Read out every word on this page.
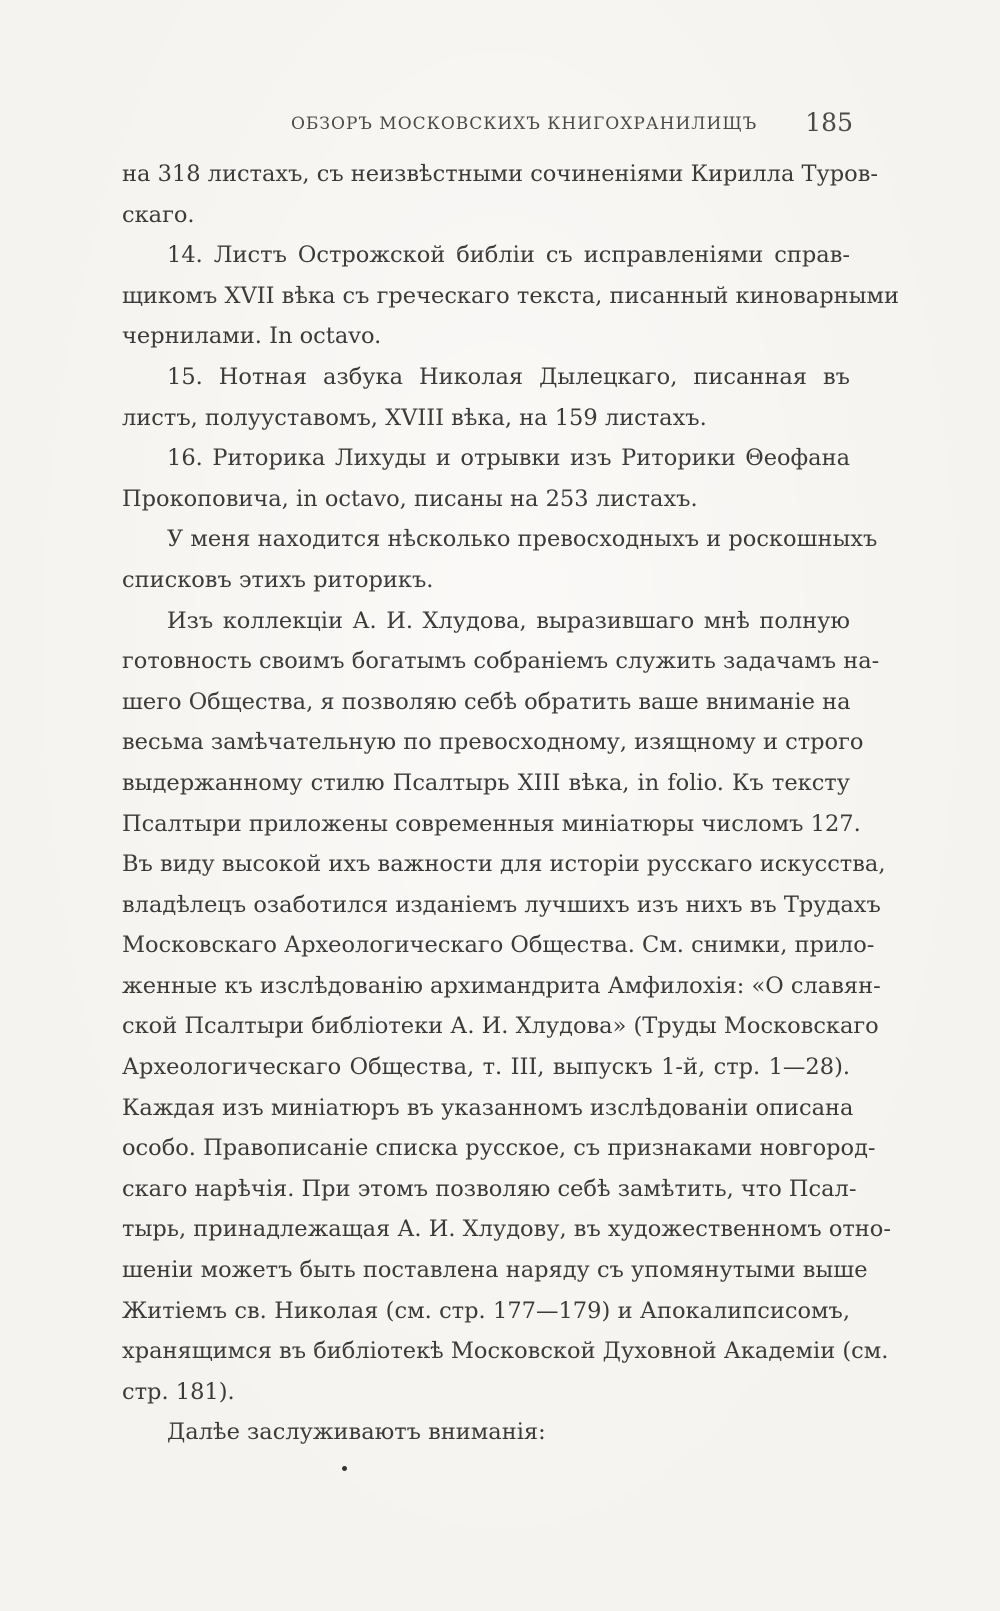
ОБЗОРЪ МОСКОВСКИХЪ КНИГОХРАНИЛИЩЪ 185
на 318 листахъ, съ неизвѣстными сочиненіями Кирилла Туров-
скаго.
14. Листъ Острожской библіи съ исправленіями справ-
щикомъ XVII вѣка съ греческаго текста, писанный киноварными
чернилами. In octavo.
15. Нотная азбука Николая Дылецкаго, писанная въ
листъ, полууставомъ, XVIII вѣка, на 159 листахъ.
16. Риторика Лихуды и отрывки изъ Риторики Θеофана
Прокоповича, in octavo, писаны на 253 листахъ.
У меня находится нѣсколько превосходныхъ и роскошныхъ
списковъ этихъ риторикъ.
Изъ коллекціи А. И. Хлудова, выразившаго мнѣ полную
готовность своимъ богатымъ собраніемъ служить задачамъ на-
шего Общества, я позволяю себѣ обратить ваше вниманіе на
весьма замѣчательную по превосходному, изящному и строго
выдержанному стилю Псалтырь XIII вѣка, in folio. Къ тексту
Псалтыри приложены современныя миніатюры числомъ 127.
Въ виду высокой ихъ важности для исторіи русскаго искусства,
владѣлецъ озаботился изданіемъ лучшихъ изъ нихъ въ Трудахъ
Московскаго Археологическаго Общества. См. снимки, прило-
женные къ изслѣдованію архимандрита Амфилохія: «О славян-
ской Псалтыри библіотеки А. И. Хлудова» (Труды Московскаго
Археологическаго Общества, т. III, выпускъ 1-й, стр. 1—28).
Каждая изъ миніатюръ въ указанномъ изслѣдованіи описана
особо. Правописаніе списка русское, съ признаками новгород-
скаго нарѣчія. При этомъ позволяю себѣ замѣтить, что Псал-
тырь, принадлежащая А. И. Хлудову, въ художественномъ отно-
шеніи можетъ быть поставлена наряду съ упомянутыми выше
Житіемъ св. Николая (см. стр. 177—179) и Апокалипсисомъ,
хранящимся въ библіотекѣ Московской Духовной Академіи (см.
стр. 181).
Далѣе заслуживаютъ вниманія:
